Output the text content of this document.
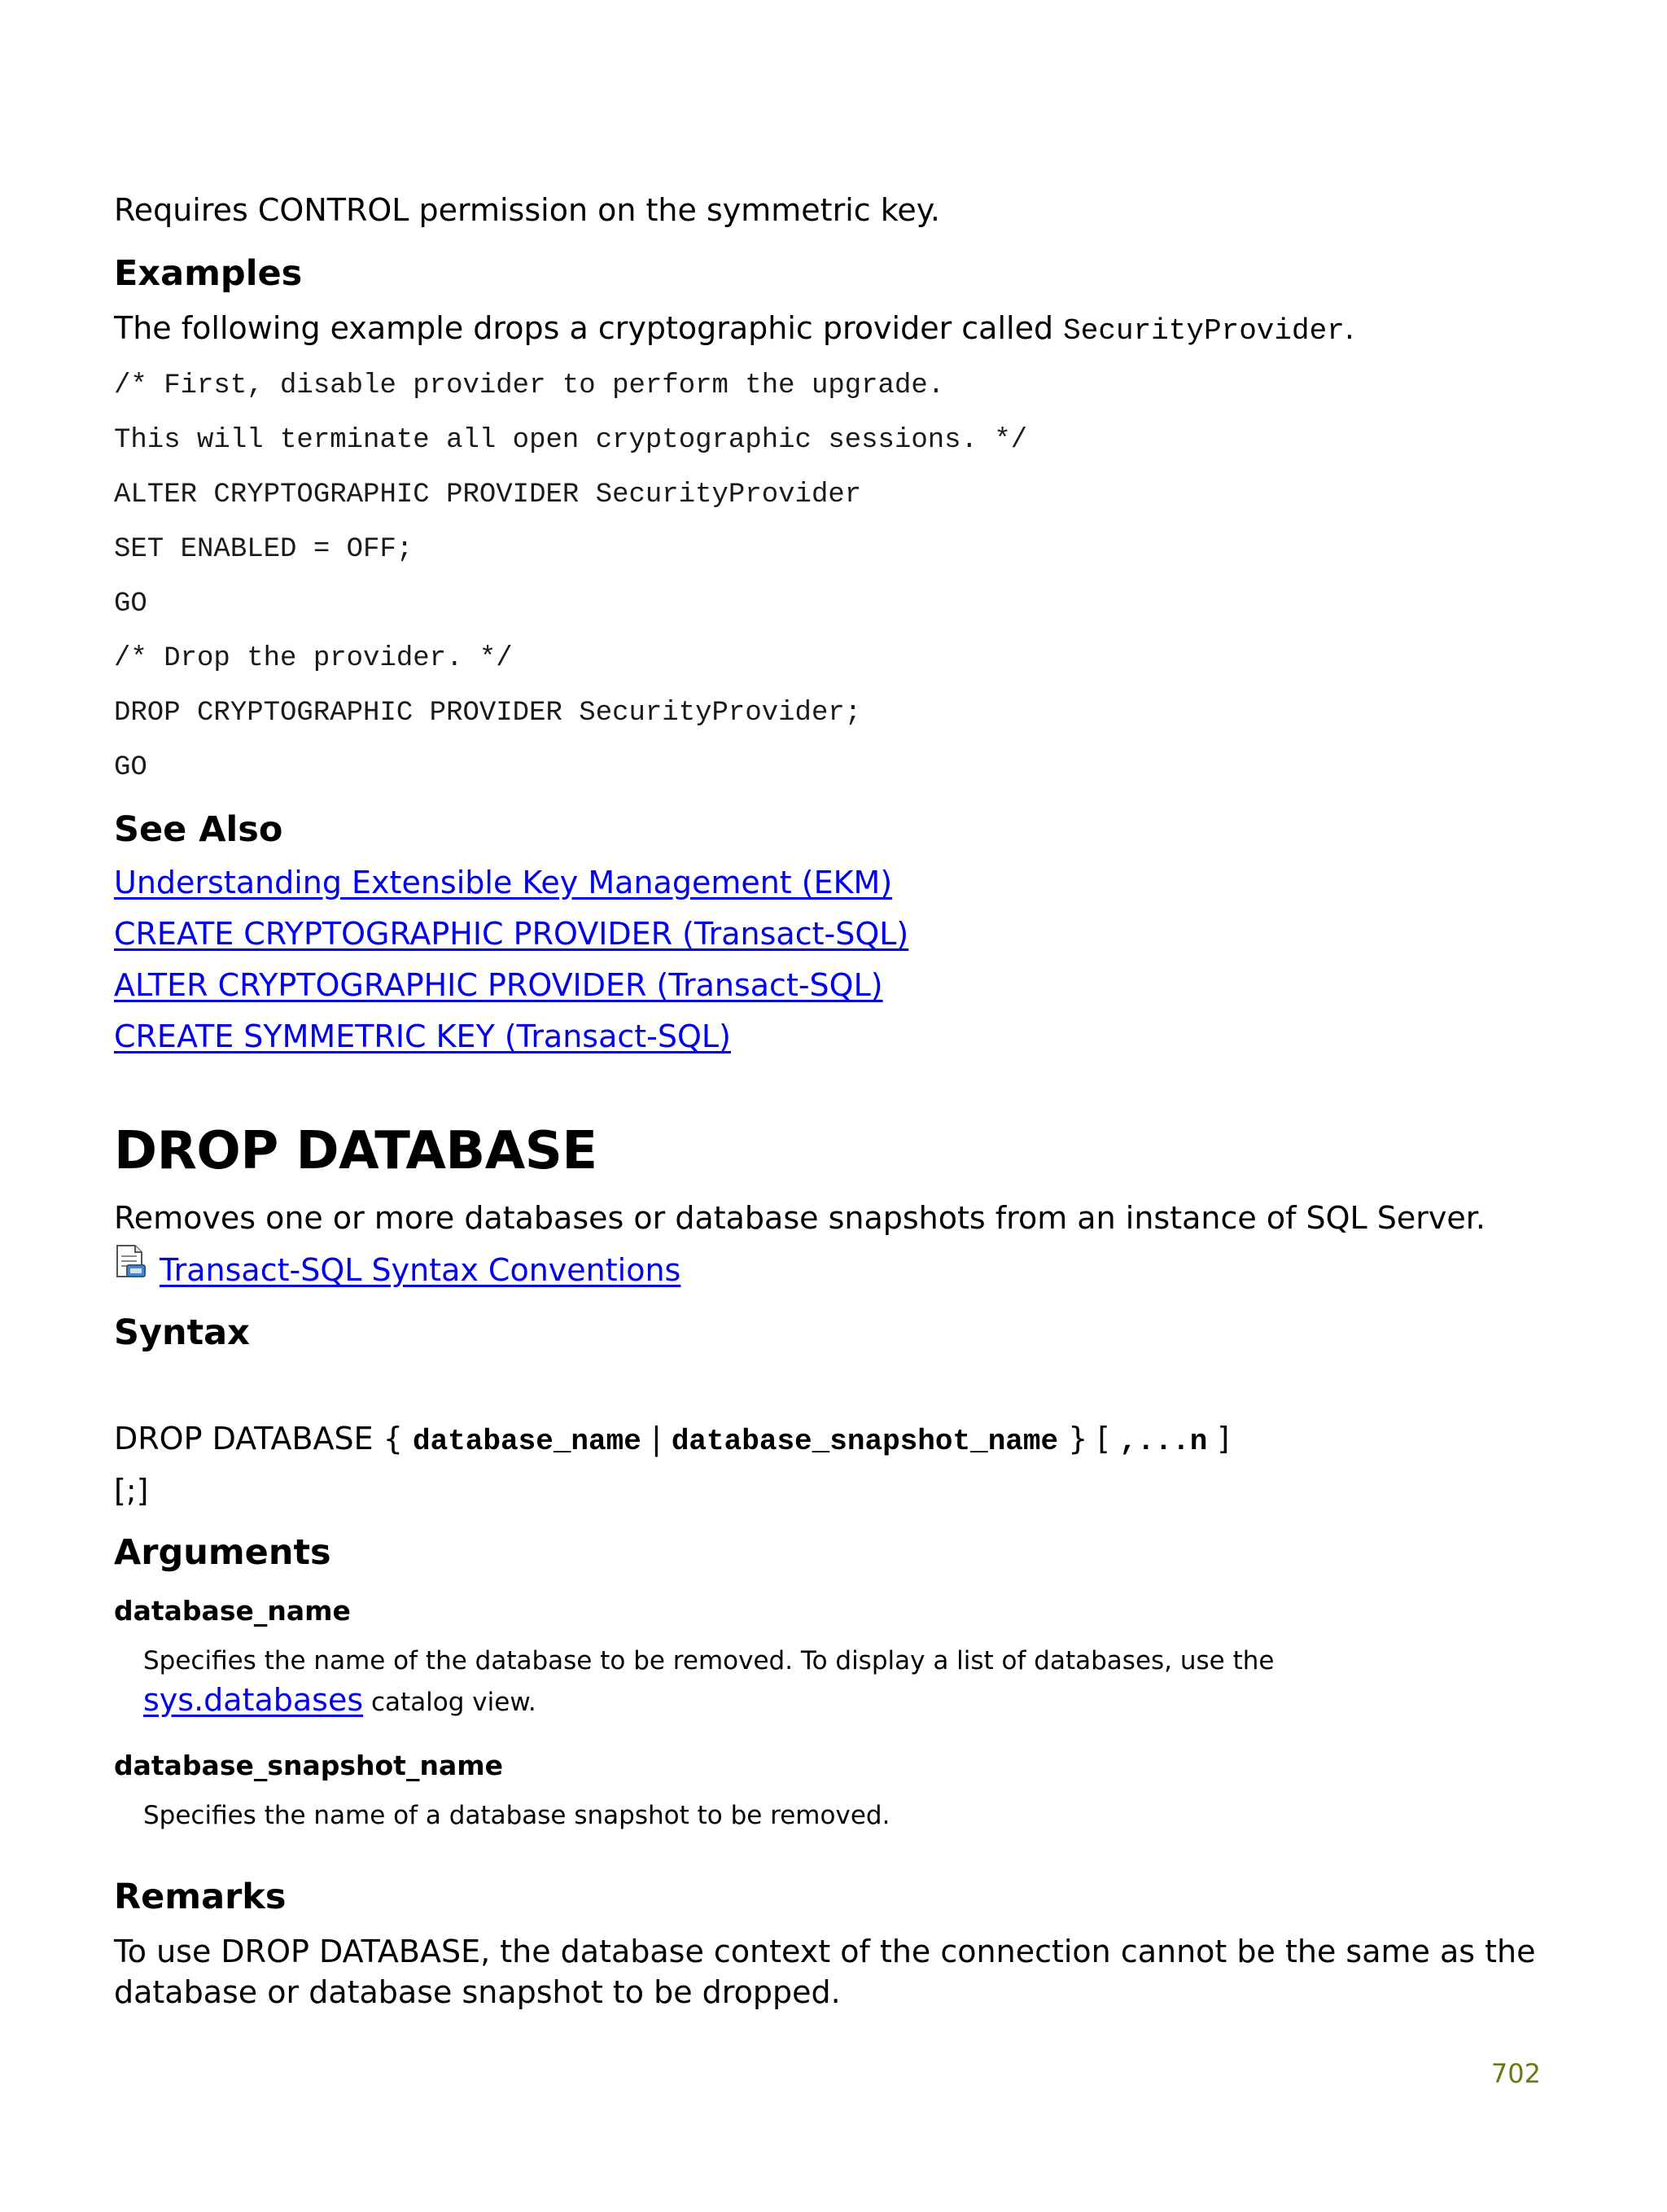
Requires CONTROL permission on the symmetric key.
Examples
The following example drops a cryptographic provider called SecurityProvider.
/* First, disable provider to perform the upgrade.
This will terminate all open cryptographic sessions. */
ALTER CRYPTOGRAPHIC PROVIDER SecurityProvider
SET ENABLED = OFF;
GO
/* Drop the provider. */
DROP CRYPTOGRAPHIC PROVIDER SecurityProvider;
GO
See Also
Understanding Extensible Key Management (EKM)
CREATE CRYPTOGRAPHIC PROVIDER (Transact-SQL)
ALTER CRYPTOGRAPHIC PROVIDER (Transact-SQL)
CREATE SYMMETRIC KEY (Transact-SQL)
DROP DATABASE
Removes one or more databases or database snapshots from an instance of SQL Server.
Transact-SQL Syntax Conventions
Syntax
DROP DATABASE { database_name | database_snapshot_name } [ ,...n ]
[;]
Arguments
database_name
Specifies the name of the database to be removed. To display a list of databases, use the
sys.databases catalog view.
database_snapshot_name
Specifies the name of a database snapshot to be removed.
Remarks
To use DROP DATABASE, the database context of the connection cannot be the same as the
database or database snapshot to be dropped.
702
